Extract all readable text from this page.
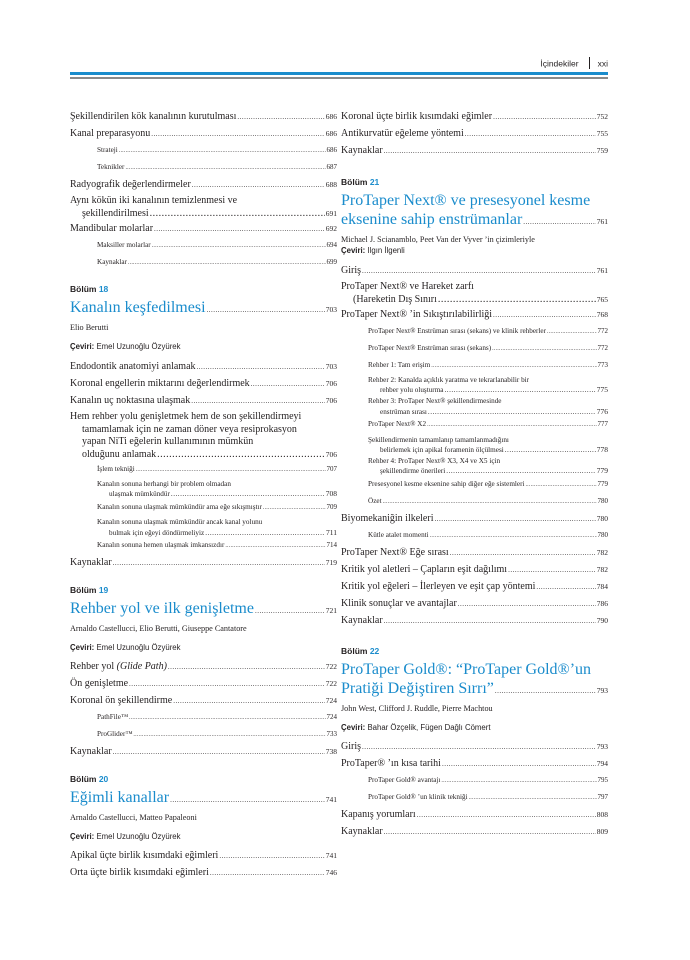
İçindekiler xxi
Şekillendirilen kök kanalının kurutulması .....	686
Kanal preparasyonu .....	686
Strateji .....	686
Teknikler .....	687
Radyografik değerlendirmeler .....	688
Aynı kökün iki kanalının temizlenmesi ve
şekillendirilmesi .....	691
Mandibular molarlar .....	692
Maksiller molarlar .....	694
Kaynaklar .....	699
Bölüm 18
Kanalın keşfedilmesi .....	703
Elio Berutti
Çeviri: Emel Uzunoğlu Özyürek
Endodontik anatomiyi anlamak .....	703
Koronal engellerin miktarını değerlendirmek .....	706
Kanalın uç noktasına ulaşmak .....	706
Hem rehber yolu genişletmek hem de son şekillendirmeyi
tamamlamak için ne zaman döner veya resiprokasyon
yapan NiTi eğelerin kullanımının mümkün
olduğunu anlamak .....	706
İşlem tekniği .....	707
Kanalın sonuna herhangi bir problem olmadan
ulaşmak mümkündür .....	708
Kanalın sonuna ulaşmak mümkündür ama eğe sıkışmıştır .....	709
Kanalın sonuna ulaşmak mümkündür ancak kanal yolunu
bulmak için eğeyi döndürmeliyiz .....	711
Kanalın sonuna hemen ulaşmak imkansızdır .....	714
Kaynaklar .....	719
Bölüm 19
Rehber yol ve ilk genişletme .....	721
Arnaldo Castellucci, Elio Berutti, Giuseppe Cantatore
Çeviri: Emel Uzunoğlu Özyürek
Rehber yol (Glide Path) .....	722
Ön genişletme .....	722
Koronal ön şekillendirme .....	724
PathFile™ .....	724
ProGlider™ .....	733
Kaynaklar .....	738
Bölüm 20
Eğimli kanallar .....	741
Arnaldo Castellucci, Matteo Papaleoni
Çeviri: Emel Uzunoğlu Özyürek
Apikal üçte birlik kısımdaki eğimleri .....	741
Orta üçte birlik kısımdaki eğimleri .....	746
Koronal üçte birlik kısımdaki eğimler .....	752
Antikurvatür eğeleme yöntemi .....	755
Kaynaklar .....	759
Bölüm 21
ProTaper Next® ve presesyonel kesme
eksenine sahip enstrümanlar .....	761
Michael J. Scianamblo, Peet Van der Vyver ’in çizimleriyle
Çeviri: Ilgın İlgenli
Giriş .....	761
ProTaper Next® ve Hareket zarfı
(Hareketin Dış Sınırı .....	765
ProTaper Next® ’in Sıkıştırılabilirliği .....	768
ProTaper Next® Enstrüman sırası (sekans) ve klinik rehberler .....	772
ProTaper Next® Enstrüman sırası (sekans) .....	772
Rehber 1: Tam erişim .....	773
Rehber 2: Kanalda açıklık yaratma ve tekrarlanabilir bir
rehber yolu oluşturma .....	775
Rehber 3: ProTaper Next® şekillendirmesinde
enstrüman sırası .....	776
ProTaper Next® X2 .....	777
Şekillendirmenin tamamlanıp tamamlanmadığını
belirlemek için apikal foramenin ölçülmesi .....	778
Rehber 4: ProTaper Next® X3, X4 ve X5 için
şekillendirme önerileri .....	779
Presesyonel kesme eksenine sahip diğer eğe sistemleri .....	779
Özet .....	780
Biyomekaniğin ilkeleri .....	780
Kütle atalet momenti .....	780
ProTaper Next® Eğe sırası .....	782
Kritik yol aletleri – Çapların eşit dağılımı .....	782
Kritik yol eğeleri – İlerleyen ve eşit çap yöntemi .....	784
Klinik sonuçlar ve avantajlar .....	786
Kaynaklar .....	790
Bölüm 22
ProTaper Gold®: “ProTaper Gold®’un
Pratiği Değiştiren Sırrı” .....	793
John West, Clifford J. Ruddle, Pierre Machtou
Çeviri: Bahar Özçelik, Fügen Dağlı Cömert
Giriş .....	793
ProTaper® ’ın kısa tarihi .....	794
ProTaper Gold® avantajı .....	795
ProTaper Gold® ’un klinik tekniği .....	797
Kapanış yorumları .....	808
Kaynaklar .....	809
